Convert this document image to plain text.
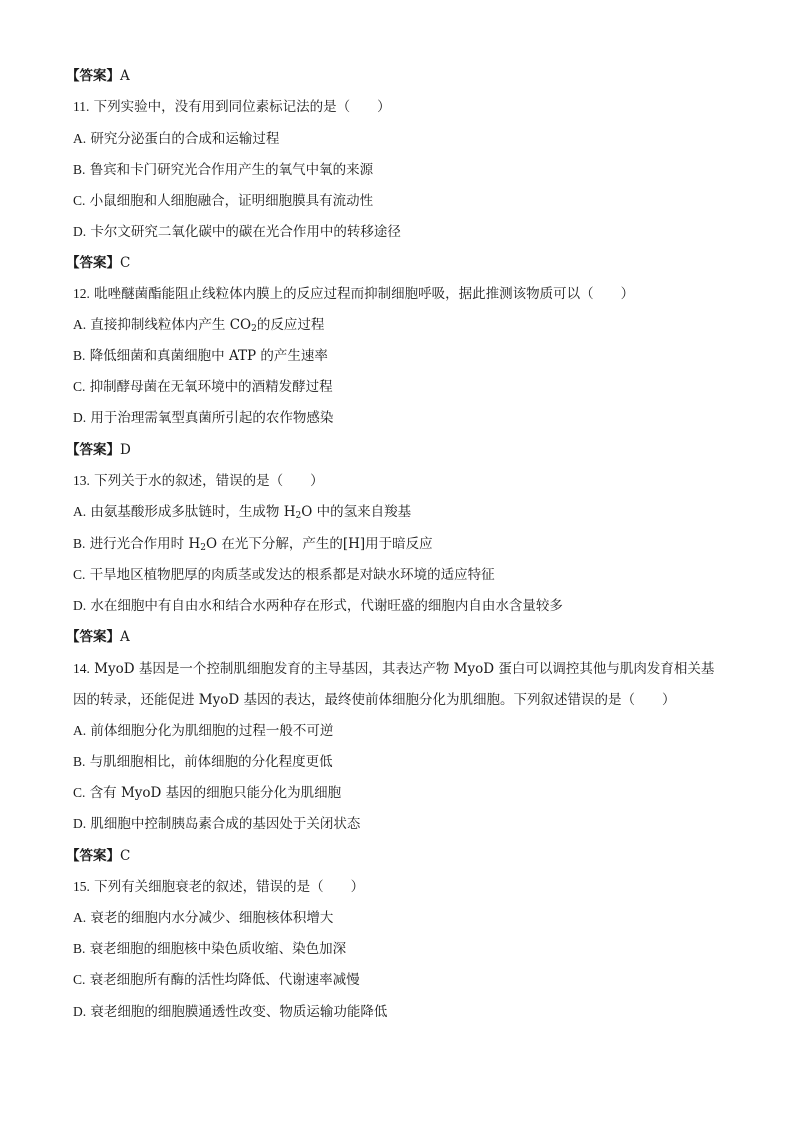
【答案】A
11. 下列实验中，没有用到同位素标记法的是（　　）
A. 研究分泌蛋白的合成和运输过程
B. 鲁宾和卡门研究光合作用产生的氧气中氧的来源
C. 小鼠细胞和人细胞融合，证明细胞膜具有流动性
D. 卡尔文研究二氧化碳中的碳在光合作用中的转移途径
【答案】C
12. 吡唑醚菌酯能阻止线粒体内膜上的反应过程而抑制细胞呼吸，据此推测该物质可以（　　）
A. 直接抑制线粒体内产生 $CO_2$的反应过程
B. 降低细菌和真菌细胞中 ATP 的产生速率
C. 抑制酵母菌在无氧环境中的酒精发酵过程
D. 用于治理需氧型真菌所引起的农作物感染
【答案】D
13. 下列关于水的叙述，错误的是（　　）
A. 由氨基酸形成多肽链时，生成物 $H_2O$ 中的氢来自羧基
B. 进行光合作用时 $H_2O$ 在光下分解，产生的[H]用于暗反应
C. 干旱地区植物肥厚的肉质茎或发达的根系都是对缺水环境的适应特征
D. 水在细胞中有自由水和结合水两种存在形式，代谢旺盛的细胞内自由水含量较多
【答案】A
14. MyoD 基因是一个控制肌细胞发育的主导基因，其表达产物 MyoD 蛋白可以调控其他与肌肉发育相关基
因的转录，还能促进 MyoD 基因的表达，最终使前体细胞分化为肌细胞。下列叙述错误的是（　　）
A. 前体细胞分化为肌细胞的过程一般不可逆
B. 与肌细胞相比，前体细胞的分化程度更低
C. 含有 MyoD 基因的细胞只能分化为肌细胞
D. 肌细胞中控制胰岛素合成的基因处于关闭状态
【答案】C
15. 下列有关细胞衰老的叙述，错误的是（　　）
A. 衰老的细胞内水分减少、细胞核体积增大
B. 衰老细胞的细胞核中染色质收缩、染色加深
C. 衰老细胞所有酶的活性均降低、代谢速率减慢
D. 衰老细胞的细胞膜通透性改变、物质运输功能降低
